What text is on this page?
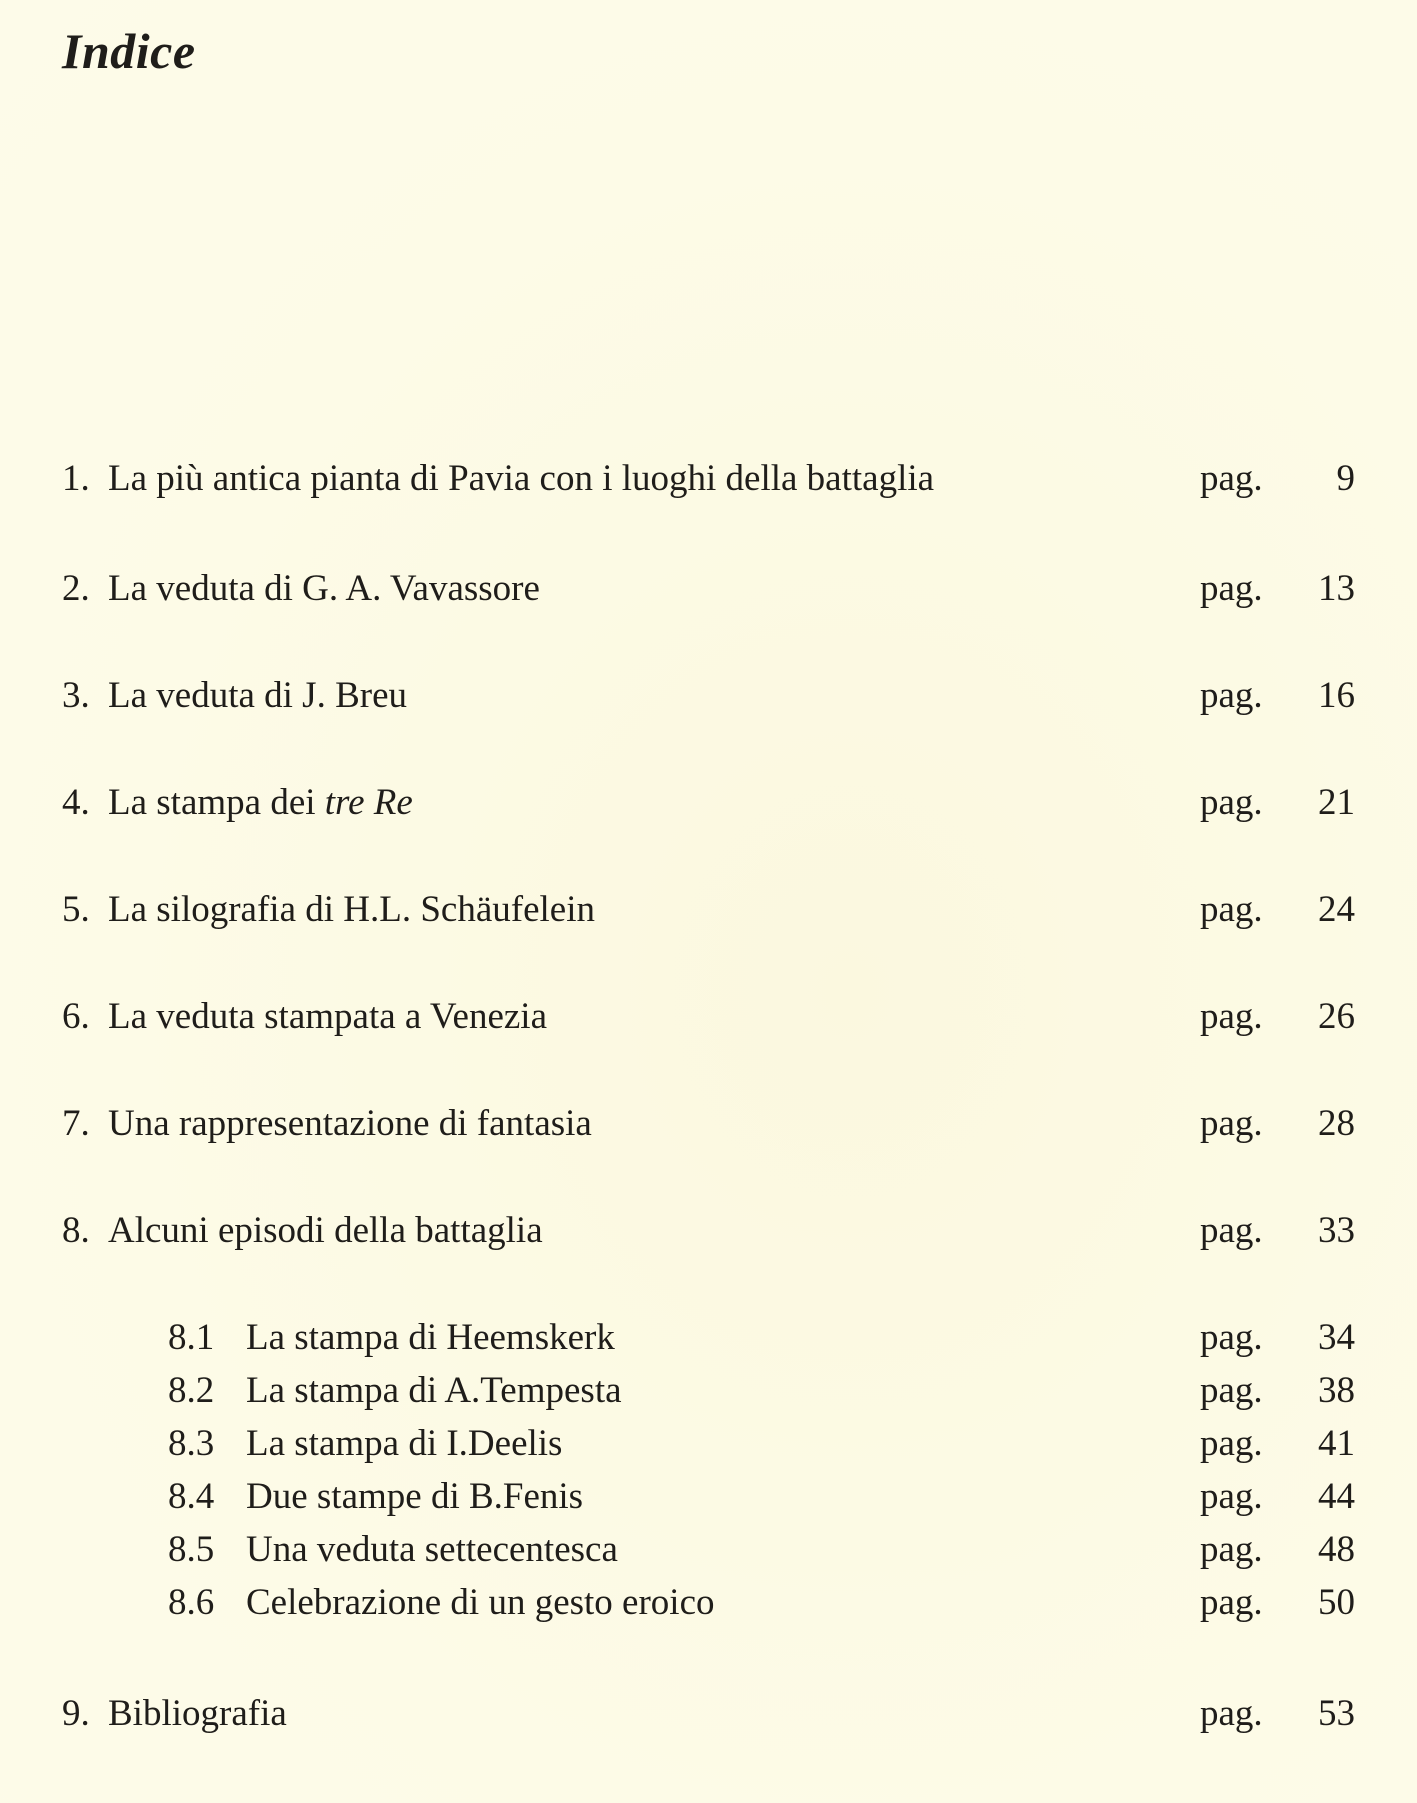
Indice
1. La più antica pianta di Pavia con i luoghi della battaglia	pag. 9
2. La veduta di G. A. Vavassore	pag. 13
3. La veduta di J. Breu	pag. 16
4. La stampa dei tre Re	pag. 21
5. La silografia di H.L. Schäufelein	pag. 24
6. La veduta stampata a Venezia	pag. 26
7. Una rappresentazione di fantasia	pag. 28
8. Alcuni episodi della battaglia	pag. 33
8.1 La stampa di Heemskerk	pag. 34
8.2 La stampa di A.Tempesta	pag. 38
8.3 La stampa di I.Deelis	pag. 41
8.4 Due stampe di B.Fenis	pag. 44
8.5 Una veduta settecentesca	pag. 48
8.6 Celebrazione di un gesto eroico	pag. 50
9. Bibliografia	pag. 53
